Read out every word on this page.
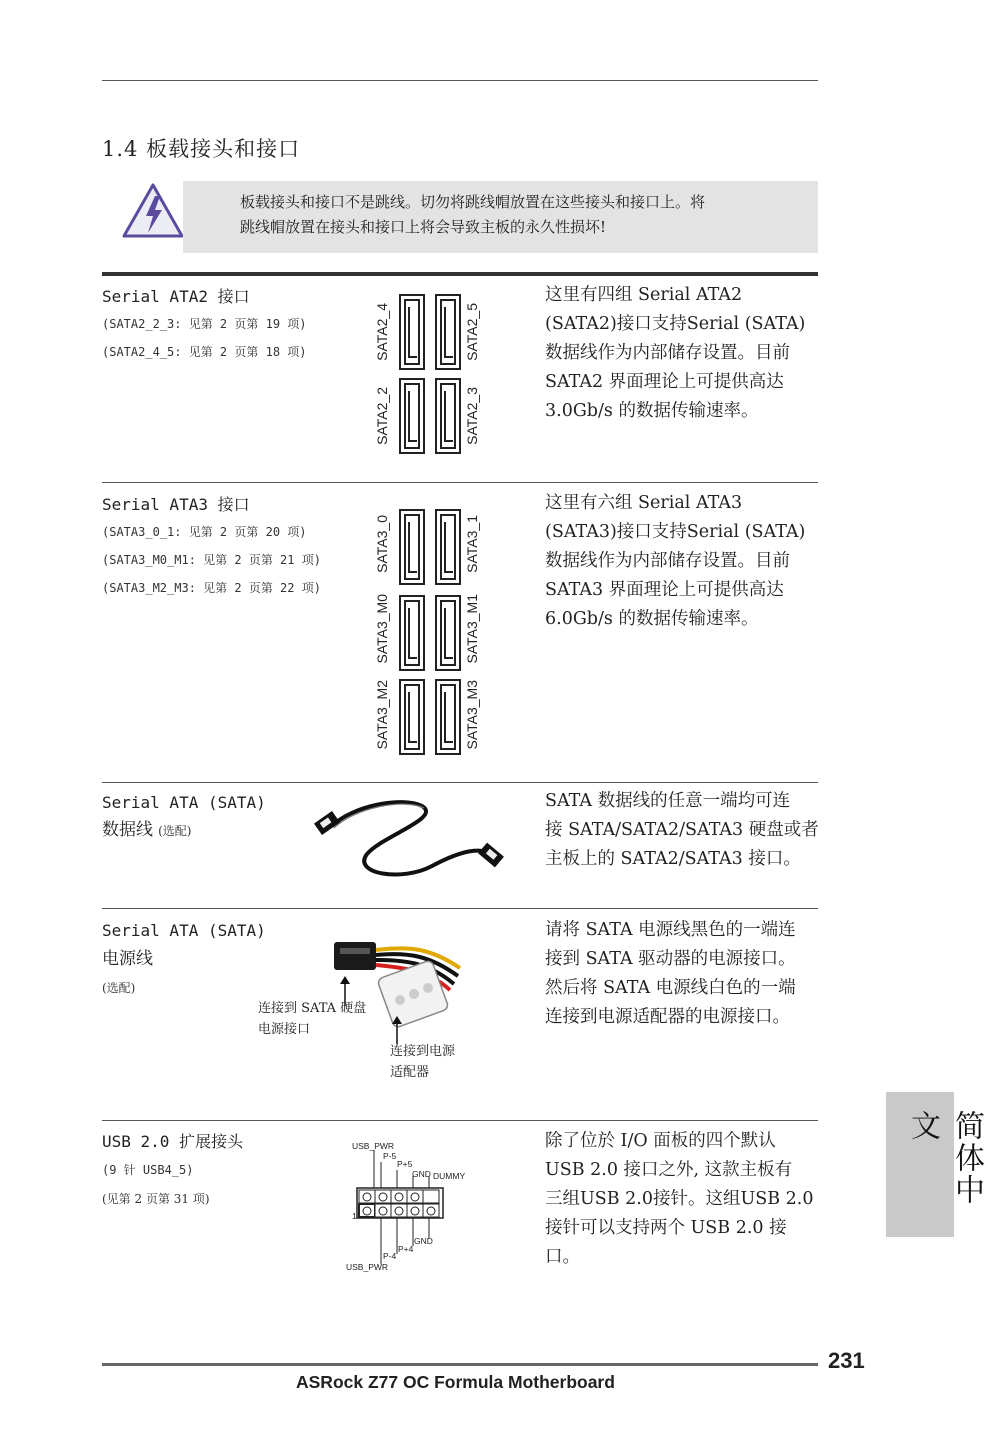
1.4 板载接头和接口
板载接头和接口不是跳线。切勿将跳线帽放置在这些接头和接口上。将
跳线帽放置在接头和接口上将会导致主板的永久性损坏!
Serial ATA2 接口
(SATA2_2_3: 见第 2 页第 19 项)
(SATA2_4_5: 见第 2 页第 18 项)	SATA2_4	SATA2_5
SATA2_2	SATA2_3
这里有四组 Serial ATA2
(SATA2)接口支持Serial (SATA)
数据线作为内部储存设置。目前
SATA2 界面理论上可提供高达
3.0Gb/s 的数据传输速率。
Serial ATA3 接口
(SATA3_0_1: 见第 2 页第 20 项)
(SATA3_M0_M1: 见第 2 页第 21 项)
(SATA3_M2_M3: 见第 2 页第 22 项)
SATA3_0	SATA3_1
SATA3_M0	SATA3_M1
SATA3_M2	SATA3_M3
这里有六组 Serial ATA3
(SATA3)接口支持Serial (SATA)
数据线作为内部储存设置。目前
SATA3 界面理论上可提供高达
6.0Gb/s 的数据传输速率。
Serial ATA (SATA)
数据线 (选配)
SATA 数据线的任意一端均可连
接 SATA/SATA2/SATA3 硬盘或者
主板上的 SATA2/SATA3 接口。
Serial ATA (SATA)
电源线
(选配)
连接到 SATA 硬盘
电源接口
连接到电源
适配器
请将 SATA 电源线黑色的一端连
接到 SATA 驱动器的电源接口。
然后将 SATA 电源线白色的一端
连接到电源适配器的电源接口。
USB 2.0 扩展接头
(9 针 USB4_5)
(见第 2 页第 31 项)
USB_PWR
P-5
P+5
GND DUMMY
1
GND
P+4
P-4
USB_PWR
除了位於 I/O 面板的四个默认
USB 2.0 接口之外, 这款主板有
三组USB 2.0接针。这组USB 2.0
接针可以支持两个 USB 2.0 接
口。
简体中文
231
ASRock Z77 OC Formula Motherboard
